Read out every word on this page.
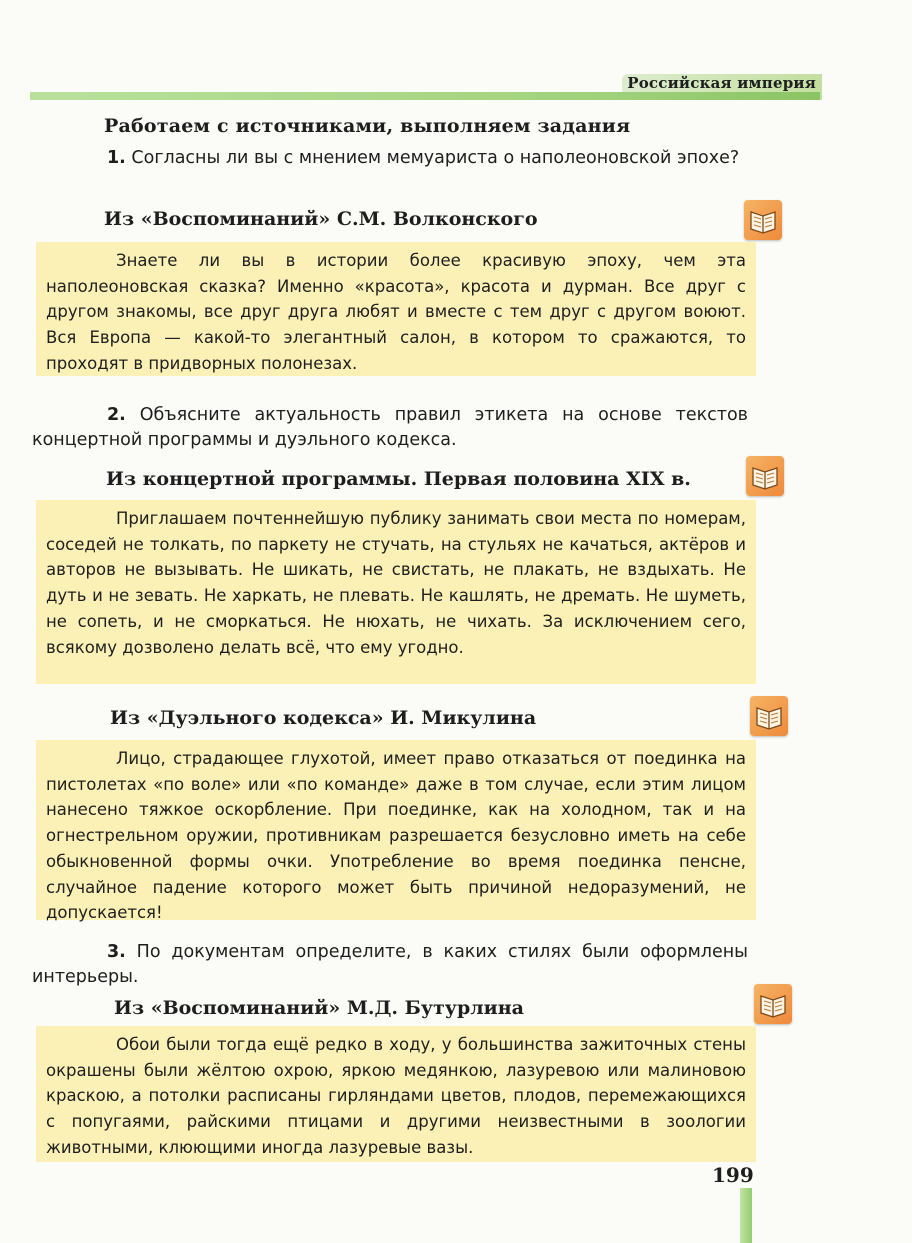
Российская империя
Работаем с источниками, выполняем задания
1. Согласны ли вы с мнением мемуариста о наполеоновской эпохе?
Из «Воспоминаний» С.М. Волконского
Знаете ли вы в истории более красивую эпоху, чем эта наполеоновская сказка? Именно «красота», красота и дурман. Все друг с другом знакомы, все друг друга любят и вместе с тем друг с другом воюют. Вся Европа — какой-то элегантный салон, в котором то сражаются, то проходят в придворных полонезах.
2. Объясните актуальность правил этикета на основе текстов концертной программы и дуэльного кодекса.
Из концертной программы. Первая половина XIX в.
Приглашаем почтеннейшую публику занимать свои места по номерам, соседей не толкать, по паркету не стучать, на стульях не качаться, актёров и авторов не вызывать. Не шикать, не свистать, не плакать, не вздыхать. Не дуть и не зевать. Не харкать, не плевать. Не кашлять, не дремать. Не шуметь, не сопеть, и не сморкаться. Не нюхать, не чихать. За исключением сего, всякому дозволено делать всё, что ему угодно.
Из «Дуэльного кодекса» И. Микулина
Лицо, страдающее глухотой, имеет право отказаться от поединка на пистолетах «по воле» или «по команде» даже в том случае, если этим лицом нанесено тяжкое оскорбление. При поединке, как на холодном, так и на огнестрельном оружии, противникам разрешается безусловно иметь на себе обыкновенной формы очки. Употребление во время поединка пенсне, случайное падение которого может быть причиной недоразумений, не допускается!
3. По документам определите, в каких стилях были оформлены интерьеры.
Из «Воспоминаний» М.Д. Бутурлина
Обои были тогда ещё редко в ходу, у большинства зажиточных стены окрашены были жёлтою охрою, яркою медянкою, лазуревою или малиновою краскою, а потолки расписаны гирляндами цветов, плодов, перемежающихся с попугаями, райскими птицами и другими неизвестными в зоологии животными, клюющими иногда лазуревые вазы.
199
